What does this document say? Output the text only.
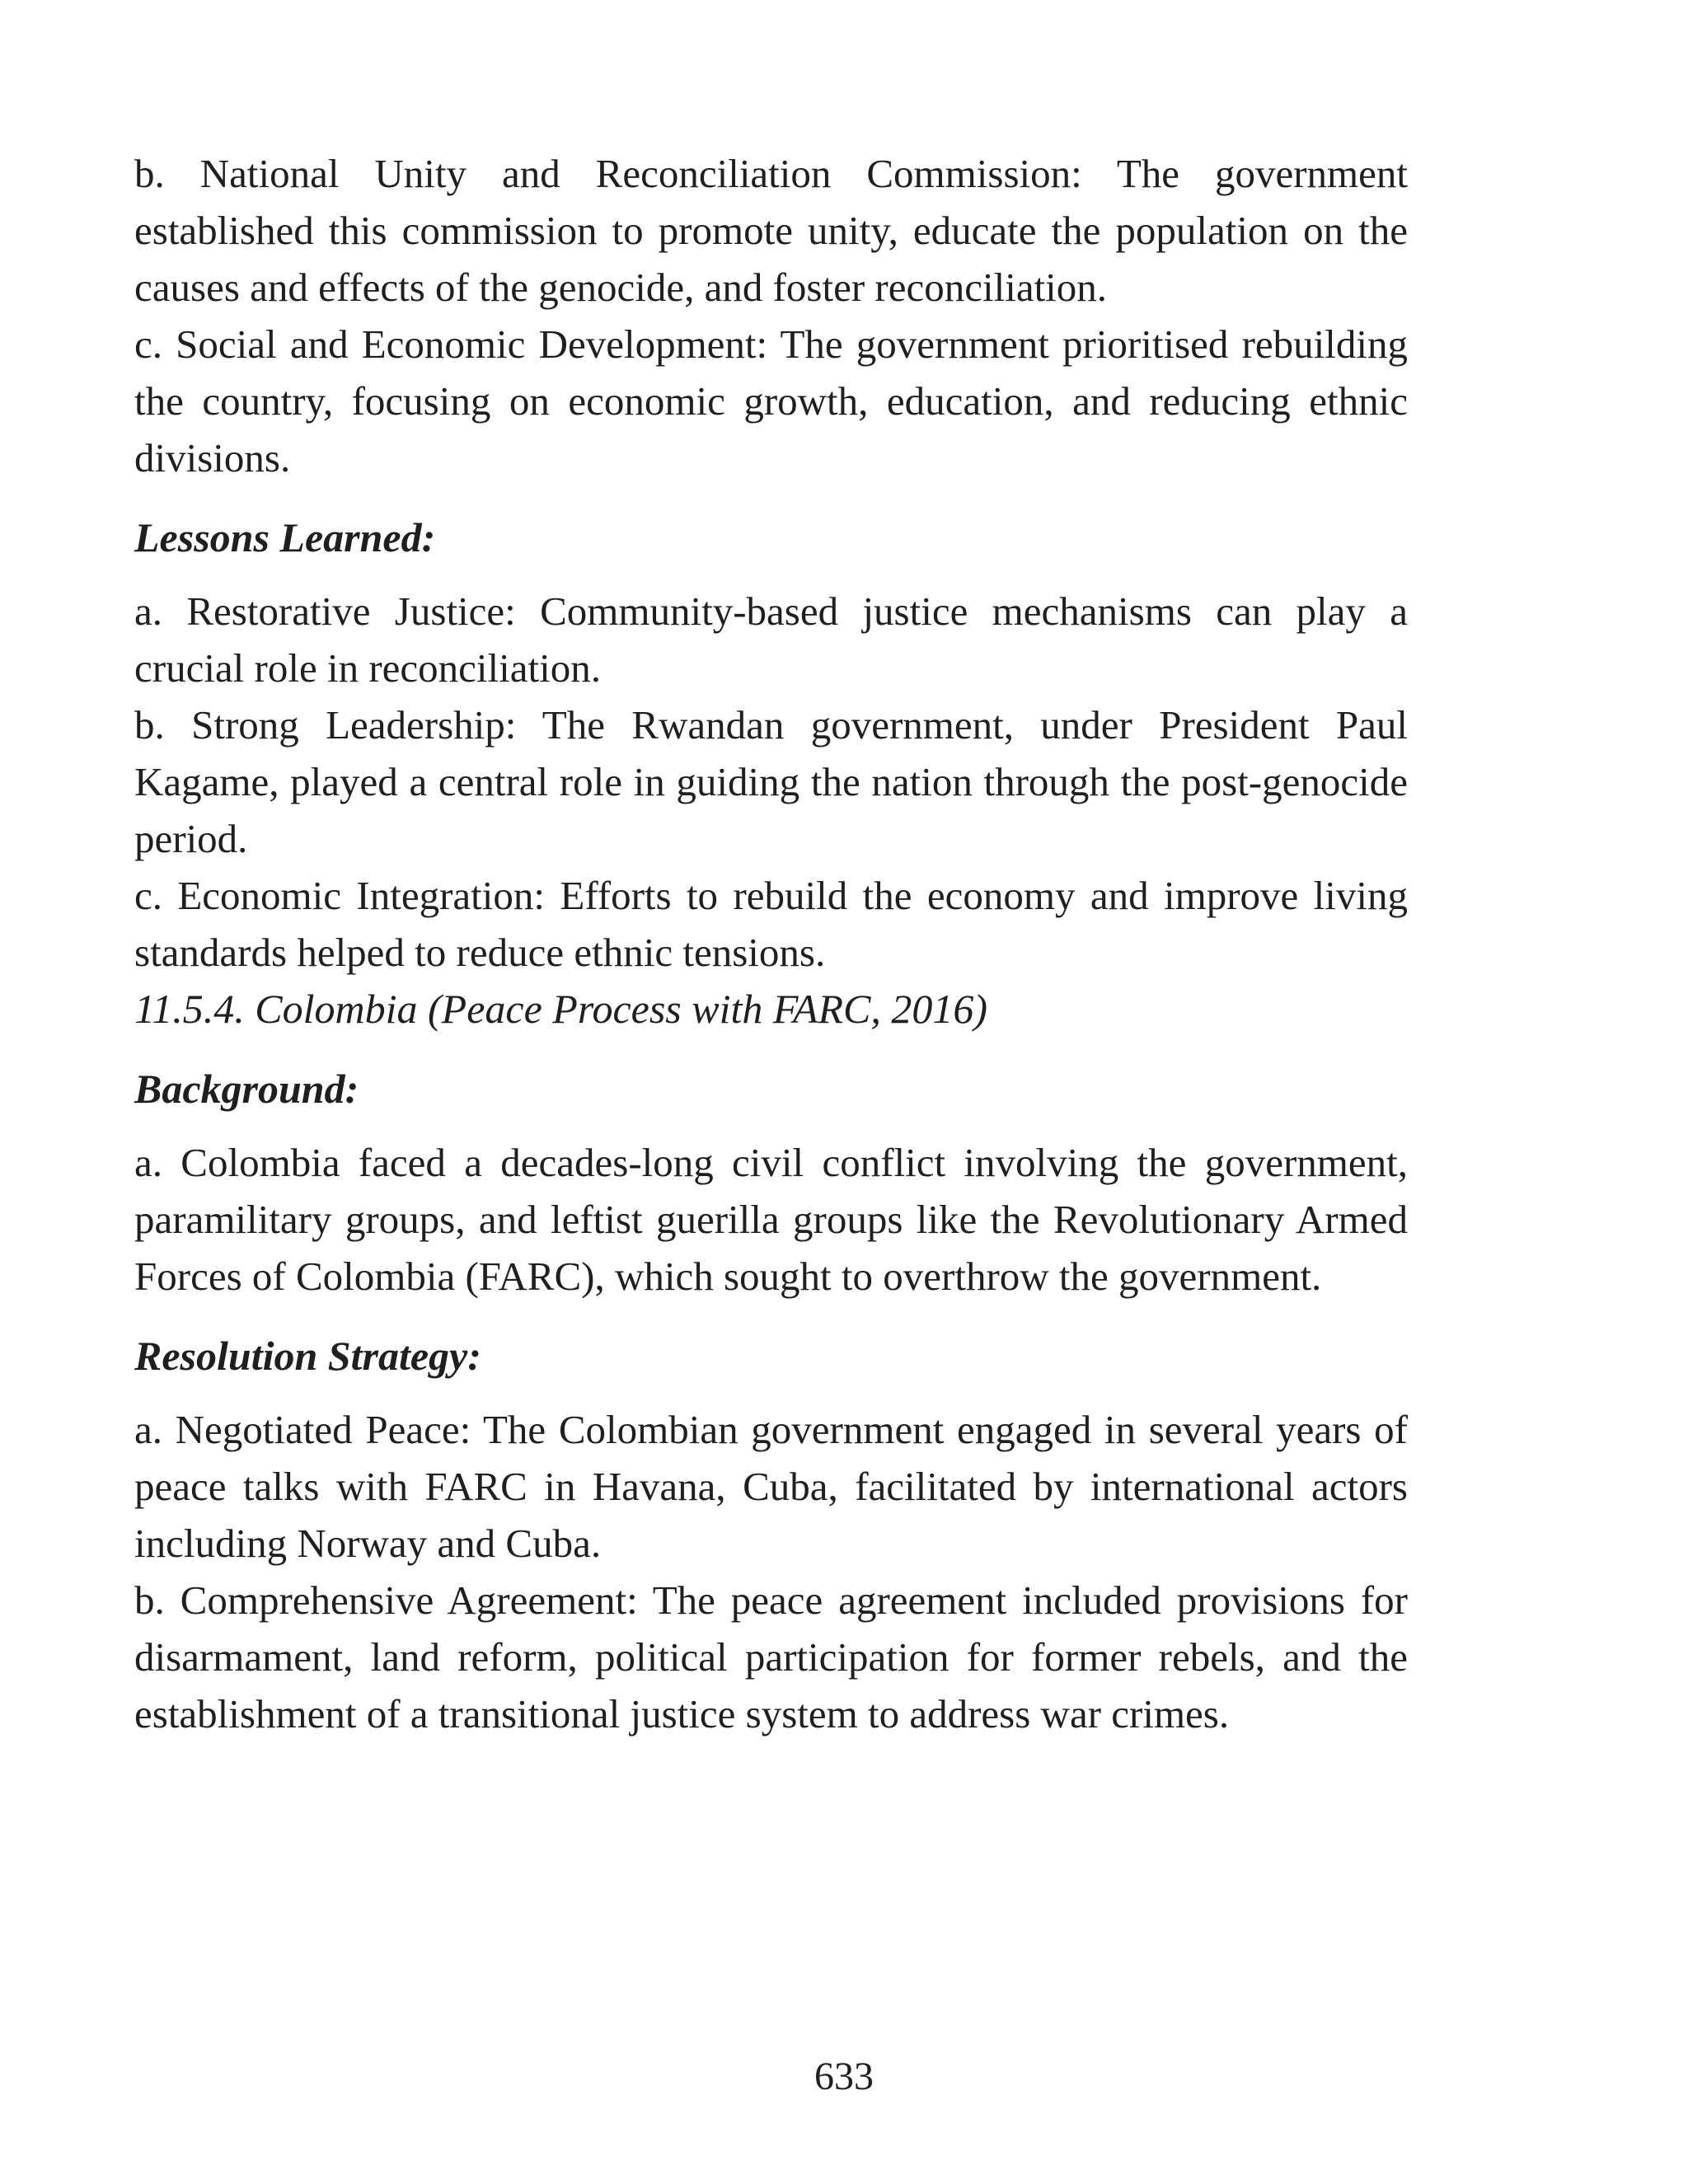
b. National Unity and Reconciliation Commission: The government established this commission to promote unity, educate the population on the causes and effects of the genocide, and foster reconciliation.

c. Social and Economic Development: The government prioritised rebuilding the country, focusing on economic growth, education, and reducing ethnic divisions.

Lessons Learned:

a. Restorative Justice: Community-based justice mechanisms can play a crucial role in reconciliation.

b. Strong Leadership: The Rwandan government, under President Paul Kagame, played a central role in guiding the nation through the post-genocide period.

c. Economic Integration: Efforts to rebuild the economy and improve living standards helped to reduce ethnic tensions.

11.5.4. Colombia (Peace Process with FARC, 2016)

Background:

a. Colombia faced a decades-long civil conflict involving the government, paramilitary groups, and leftist guerilla groups like the Revolutionary Armed Forces of Colombia (FARC), which sought to overthrow the government.

Resolution Strategy:

a. Negotiated Peace: The Colombian government engaged in several years of peace talks with FARC in Havana, Cuba, facilitated by international actors including Norway and Cuba.

b. Comprehensive Agreement: The peace agreement included provisions for disarmament, land reform, political participation for former rebels, and the establishment of a transitional justice system to address war crimes.

633
